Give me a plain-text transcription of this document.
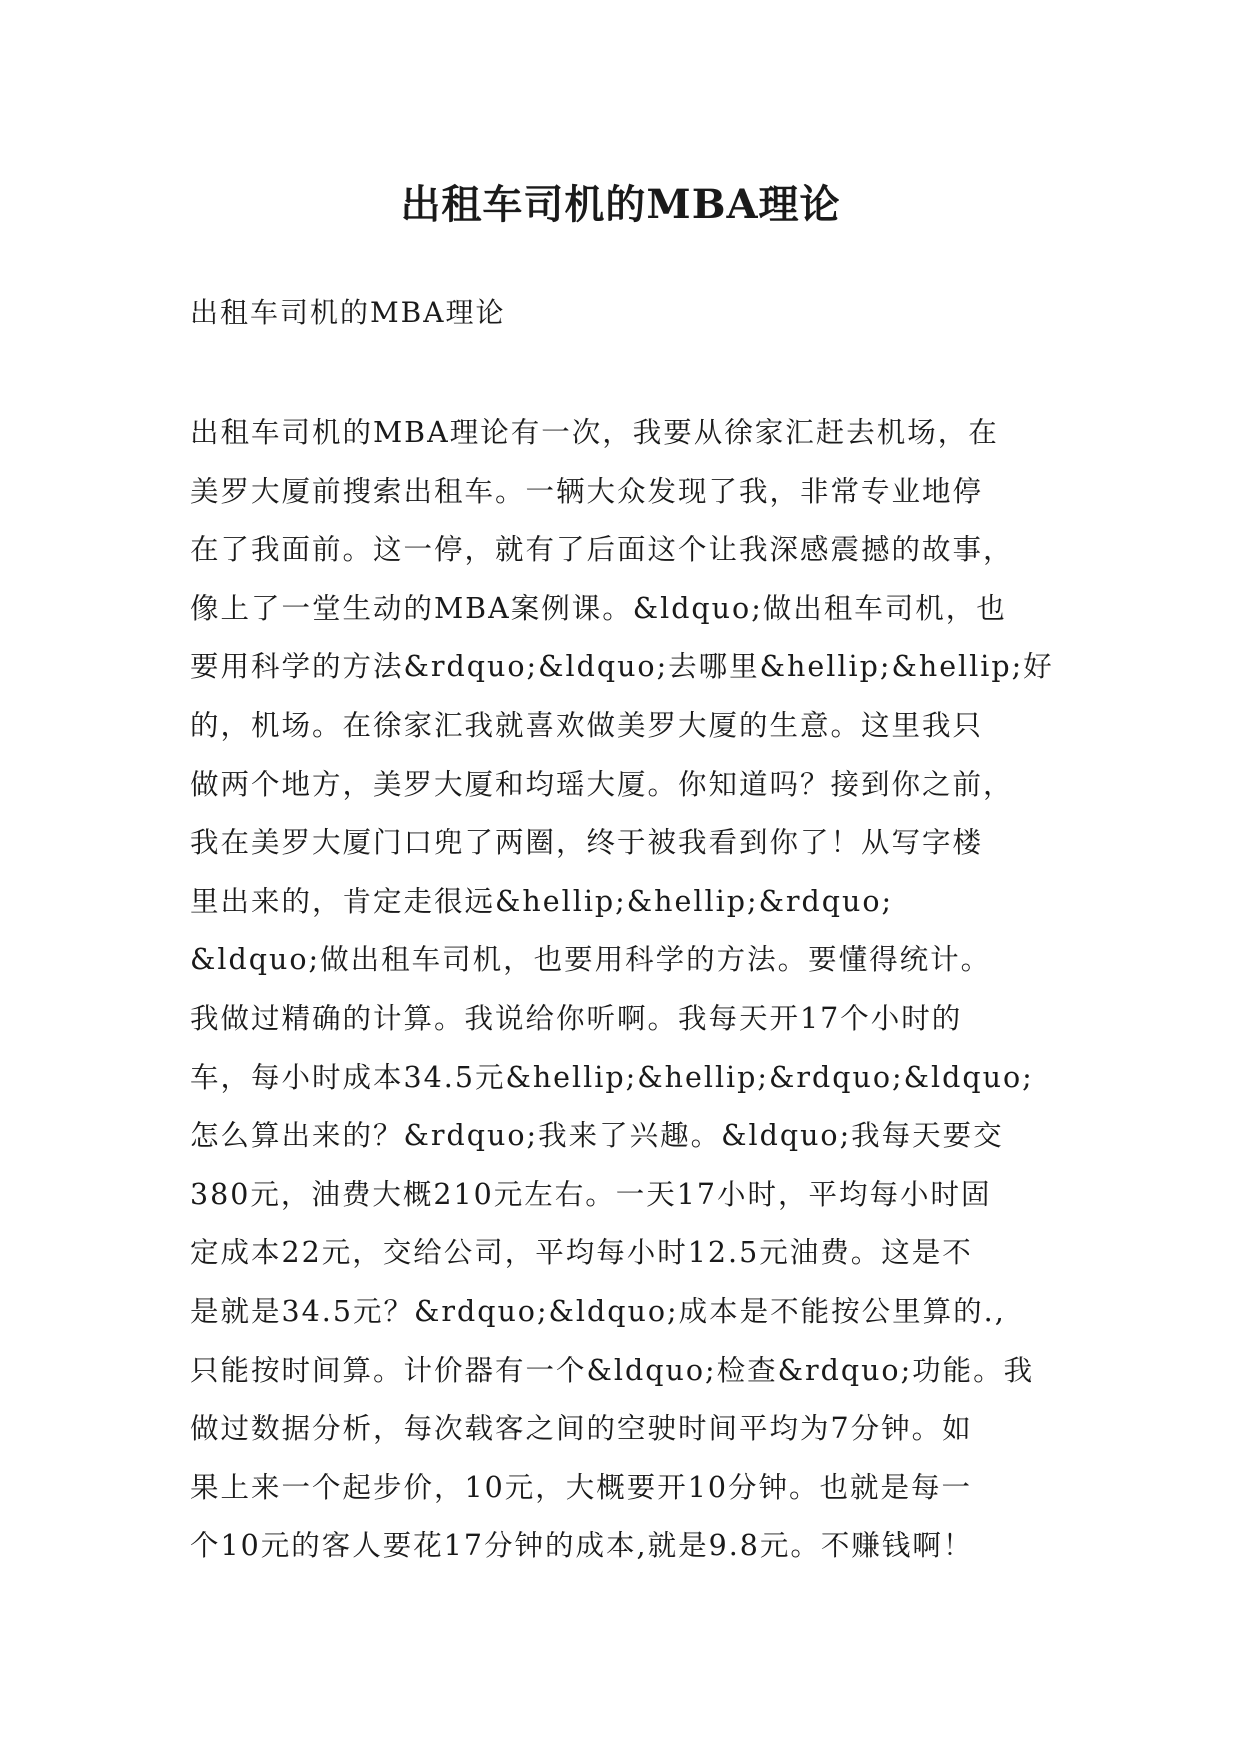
出租车司机的MBA理论
出租车司机的MBA理论
出租车司机的MBA理论有一次，我要从徐家汇赶去机场，在
美罗大厦前搜索出租车。一辆大众发现了我，非常专业地停
在了我面前。这一停，就有了后面这个让我深感震撼的故事，
像上了一堂生动的MBA案例课。&ldquo;做出租车司机，也
要用科学的方法&rdquo;&ldquo;去哪里&hellip;&hellip;好
的，机场。在徐家汇我就喜欢做美罗大厦的生意。这里我只
做两个地方，美罗大厦和均瑶大厦。你知道吗？接到你之前，
我在美罗大厦门口兜了两圈，终于被我看到你了！从写字楼
里出来的，肯定走很远&hellip;&hellip;&rdquo;
&ldquo;做出租车司机，也要用科学的方法。要懂得统计。
我做过精确的计算。我说给你听啊。我每天开17个小时的
车，每小时成本34.5元&hellip;&hellip;&rdquo;&ldquo;
怎么算出来的？&rdquo;我来了兴趣。&ldquo;我每天要交
380元，油费大概210元左右。一天17小时，平均每小时固
定成本22元，交给公司，平均每小时12.5元油费。这是不
是就是34.5元？&rdquo;&ldquo;成本是不能按公里算的.,
只能按时间算。计价器有一个&ldquo;检查&rdquo;功能。我
做过数据分析，每次载客之间的空驶时间平均为7分钟。如
果上来一个起步价，10元，大概要开10分钟。也就是每一
个10元的客人要花17分钟的成本,就是9.8元。不赚钱啊！
